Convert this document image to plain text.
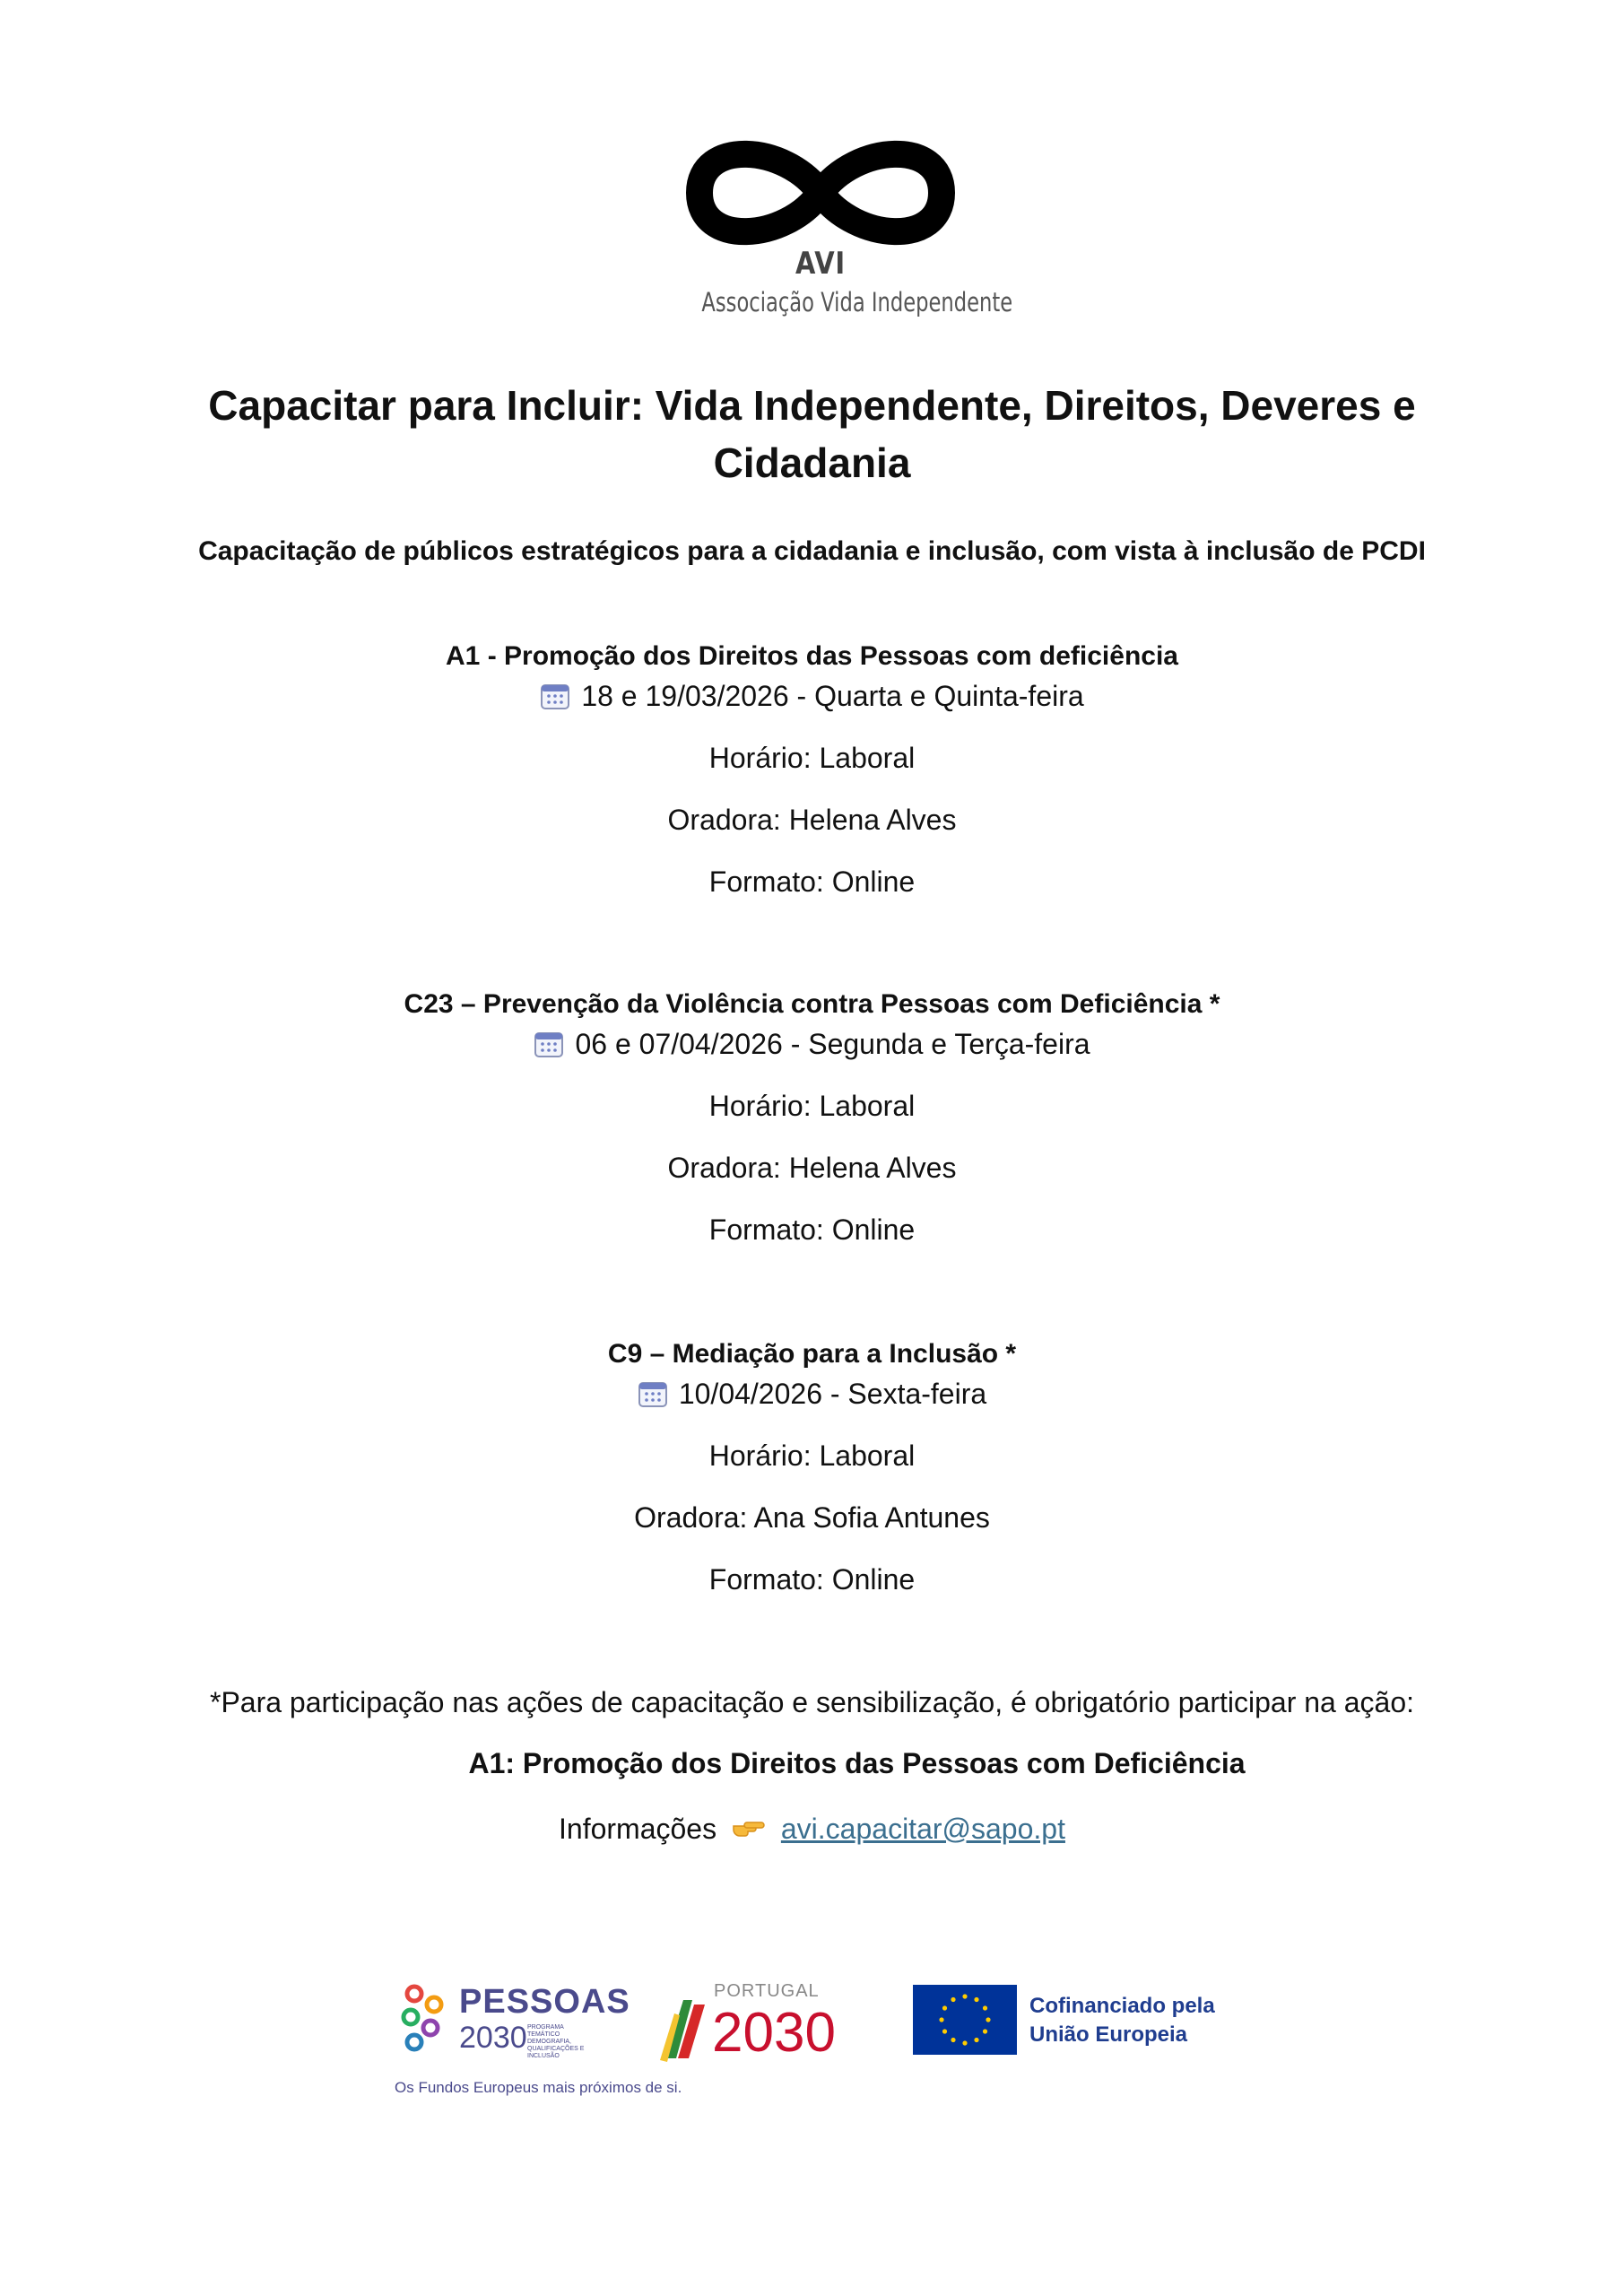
AVI
Associação Vida Independente
Capacitar para Incluir: Vida Independente, Direitos, Deveres e Cidadania
Capacitação de públicos estratégicos para a cidadania e inclusão, com vista à inclusão de PCDI
A1 - Promoção dos Direitos das Pessoas com deficiência
18 e 19/03/2026 - Quarta e Quinta-feira
Horário: Laboral
Oradora: Helena Alves
Formato: Online
C23 – Prevenção da Violência contra Pessoas com Deficiência *
06 e 07/04/2026 - Segunda e Terça-feira
Horário: Laboral
Oradora: Helena Alves
Formato: Online
C9 – Mediação para a Inclusão *
10/04/2026 - Sexta-feira
Horário: Laboral
Oradora: Ana Sofia Antunes
Formato: Online
*Para participação nas ações de capacitação e sensibilização, é obrigatório participar na ação:
A1: Promoção dos Direitos das Pessoas com Deficiência
Informações avi.capacitar@sapo.pt
PESSOAS
2030 PROGRAMA TEMÁTICO DEMOGRAFIA, QUALIFICAÇÕES E INCLUSÃO
PORTUGAL
2030	Cofinanciado pela
União Europeia
Os Fundos Europeus mais próximos de si.
